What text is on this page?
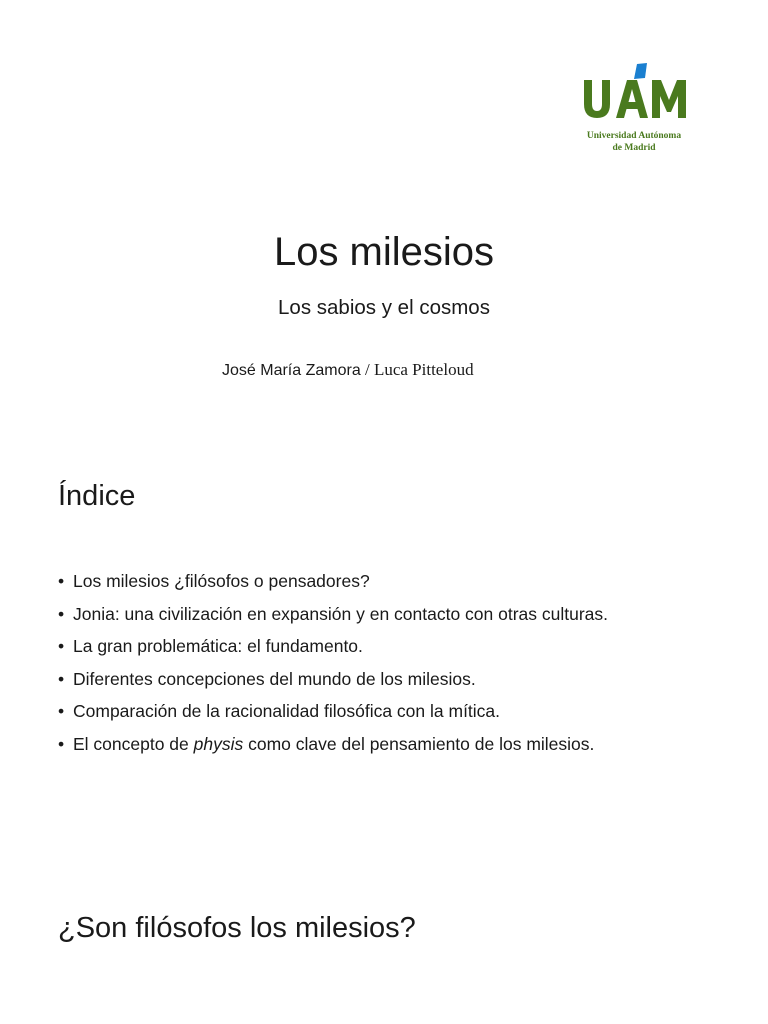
Universidad Autónoma
de Madrid
Los milesios
Los sabios y el cosmos
José María Zamora / Luca Pitteloud
Índice
• Los milesios ¿filósofos o pensadores?
• Jonia: una civilización en expansión y en contacto con otras culturas.
• La gran problemática: el fundamento.
• Diferentes concepciones del mundo de los milesios.
• Comparación de la racionalidad filosófica con la mítica.
• El concepto de physis como clave del pensamiento de los milesios.
¿Son filósofos los milesios?
